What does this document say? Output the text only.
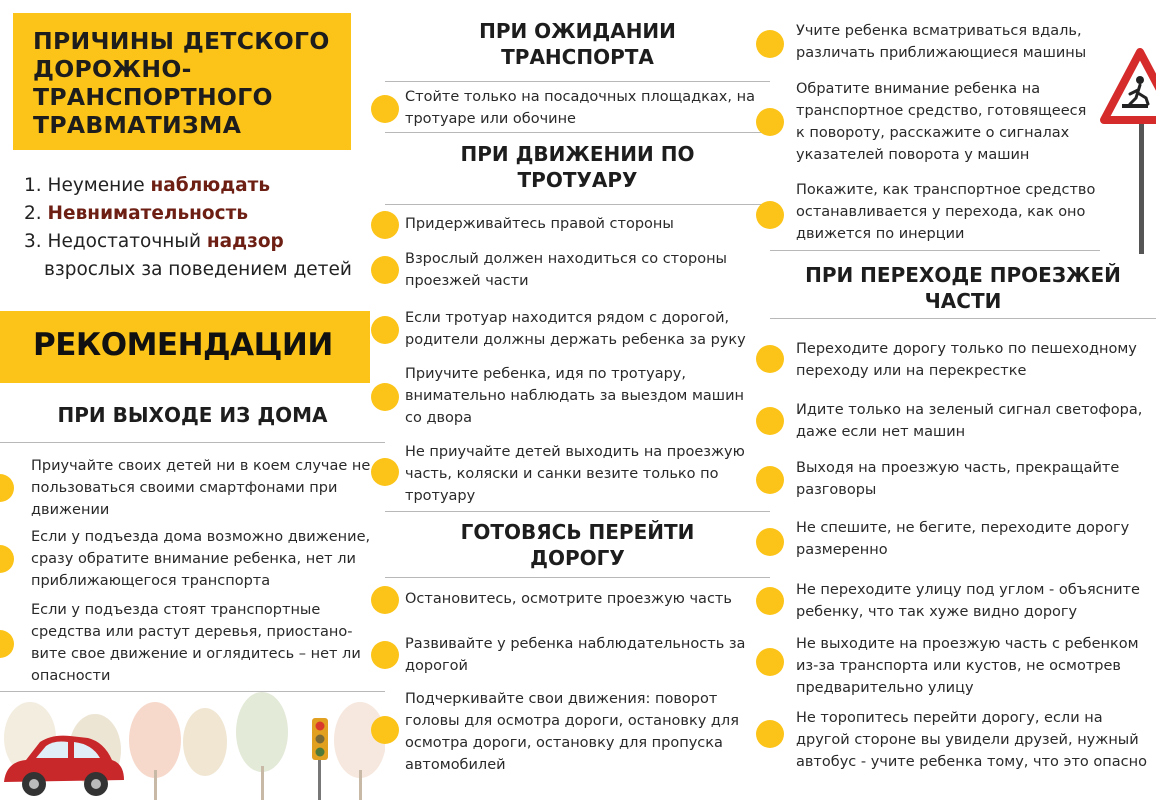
ПРИЧИНЫ ДЕТСКОГО
ДОРОЖНО-
ТРАНСПОРТНОГО
ТРАВМАТИЗМА
1. Неумение наблюдать
2. Невнимательность
3. Недостаточный надзор
взрослых за поведением детей
РЕКОМЕНДАЦИИ
ПРИ ВЫХОДЕ ИЗ ДОМА
Приучайте своих детей ни в коем случае не пользоваться своими смартфонами при движении
Если у подъезда дома возможно движение, сразу обратите внимание ребенка, нет ли приближающегося транспорта
Если у подъезда стоят транспортные средства или растут деревья, приостано-вите свое движение и оглядитесь – нет ли опасности
ПРИ ОЖИДАНИИ
ТРАНСПОРТА
Стойте только на посадочных площадках, на тротуаре или обочине
ПРИ ДВИЖЕНИИ ПО
ТРОТУАРУ
Придерживайтесь правой стороны
Взрослый должен находиться со стороны проезжей части
Если тротуар находится рядом с дорогой, родители должны держать ребенка за руку
Приучите ребенка, идя по тротуару, внимательно наблюдать за выездом машин со двора
Не приучайте детей выходить на проезжую часть, коляски и санки везите только по тротуару
ГОТОВЯСЬ ПЕРЕЙТИ
ДОРОГУ
Остановитесь, осмотрите проезжую часть
Развивайте у ребенка наблюдательность за дорогой
Подчеркивайте свои движения: поворот головы для осмотра дороги, остановку для осмотра дороги, остановку для пропуска автомобилей
Учите ребенка всматриваться вдаль, различать приближающиеся машины
Обратите внимание ребенка на транспортное средство, готовящееся к повороту, расскажите о сигналах указателей поворота у машин
Покажите, как транспортное средство останавливается у перехода, как оно движется по инерции
ПРИ ПЕРЕХОДЕ ПРОЕЗЖЕЙ
ЧАСТИ
Переходите дорогу только по пешеходному переходу или на перекрестке
Идите только на зеленый сигнал светофора, даже если нет машин
Выходя на проезжую часть, прекращайте разговоры
Не спешите, не бегите, переходите дорогу размеренно
Не переходите улицу под углом - объясните ребенку, что так хуже видно дорогу
Не выходите на проезжую часть с ребенком из-за транспорта или кустов, не осмотрев предварительно улицу
Не торопитесь перейти дорогу, если на другой стороне вы увидели друзей, нужный автобус - учите ребенка тому, что это опасно
